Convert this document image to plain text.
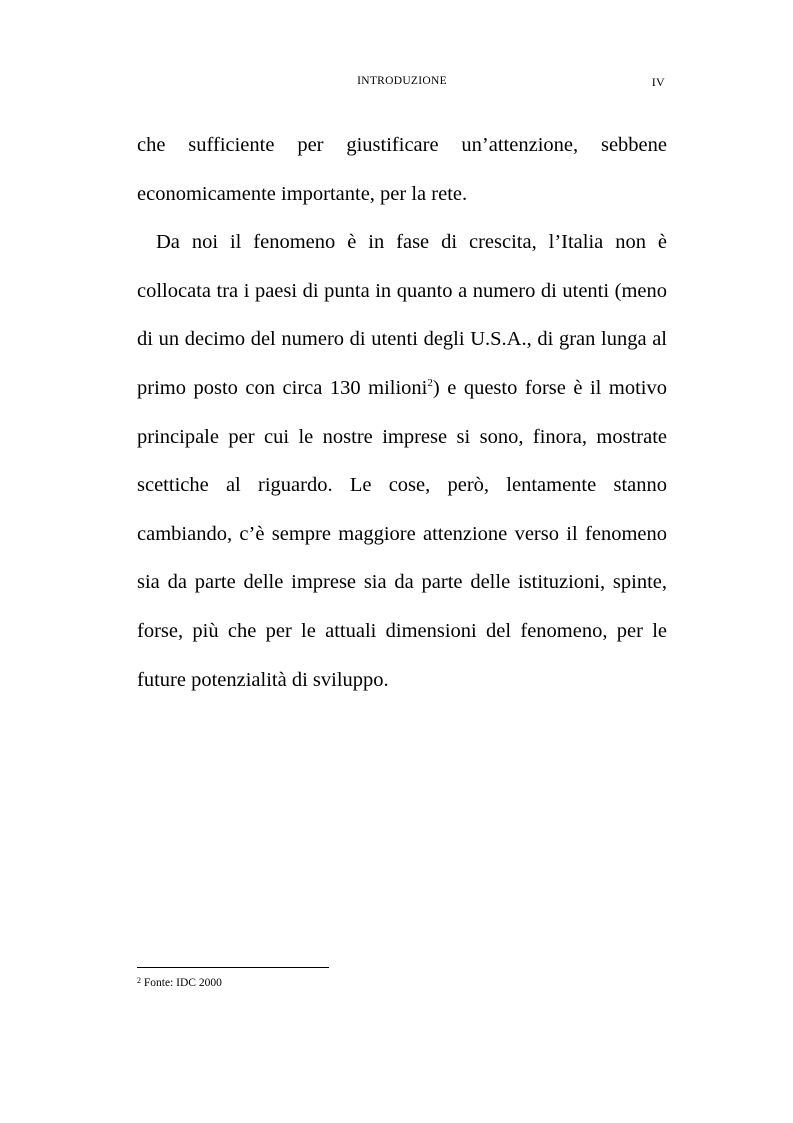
INTRODUZIONE	IV

che sufficiente per giustificare un’attenzione, sebbene economicamente importante, per la rete.

Da noi il fenomeno è in fase di crescita, l’Italia non è collocata tra i paesi di punta in quanto a numero di utenti (meno di un decimo del numero di utenti degli U.S.A., di gran lunga al primo posto con circa 130 milioni$^2$) e questo forse è il motivo principale per cui le nostre imprese si sono, finora, mostrate scettiche al riguardo. Le cose, però, lentamente stanno cambiando, c’è sempre maggiore attenzione verso il fenomeno sia da parte delle imprese sia da parte delle istituzioni, spinte, forse, più che per le attuali dimensioni del fenomeno, per le future potenzialità di sviluppo.

$^2$ Fonte: IDC 2000
